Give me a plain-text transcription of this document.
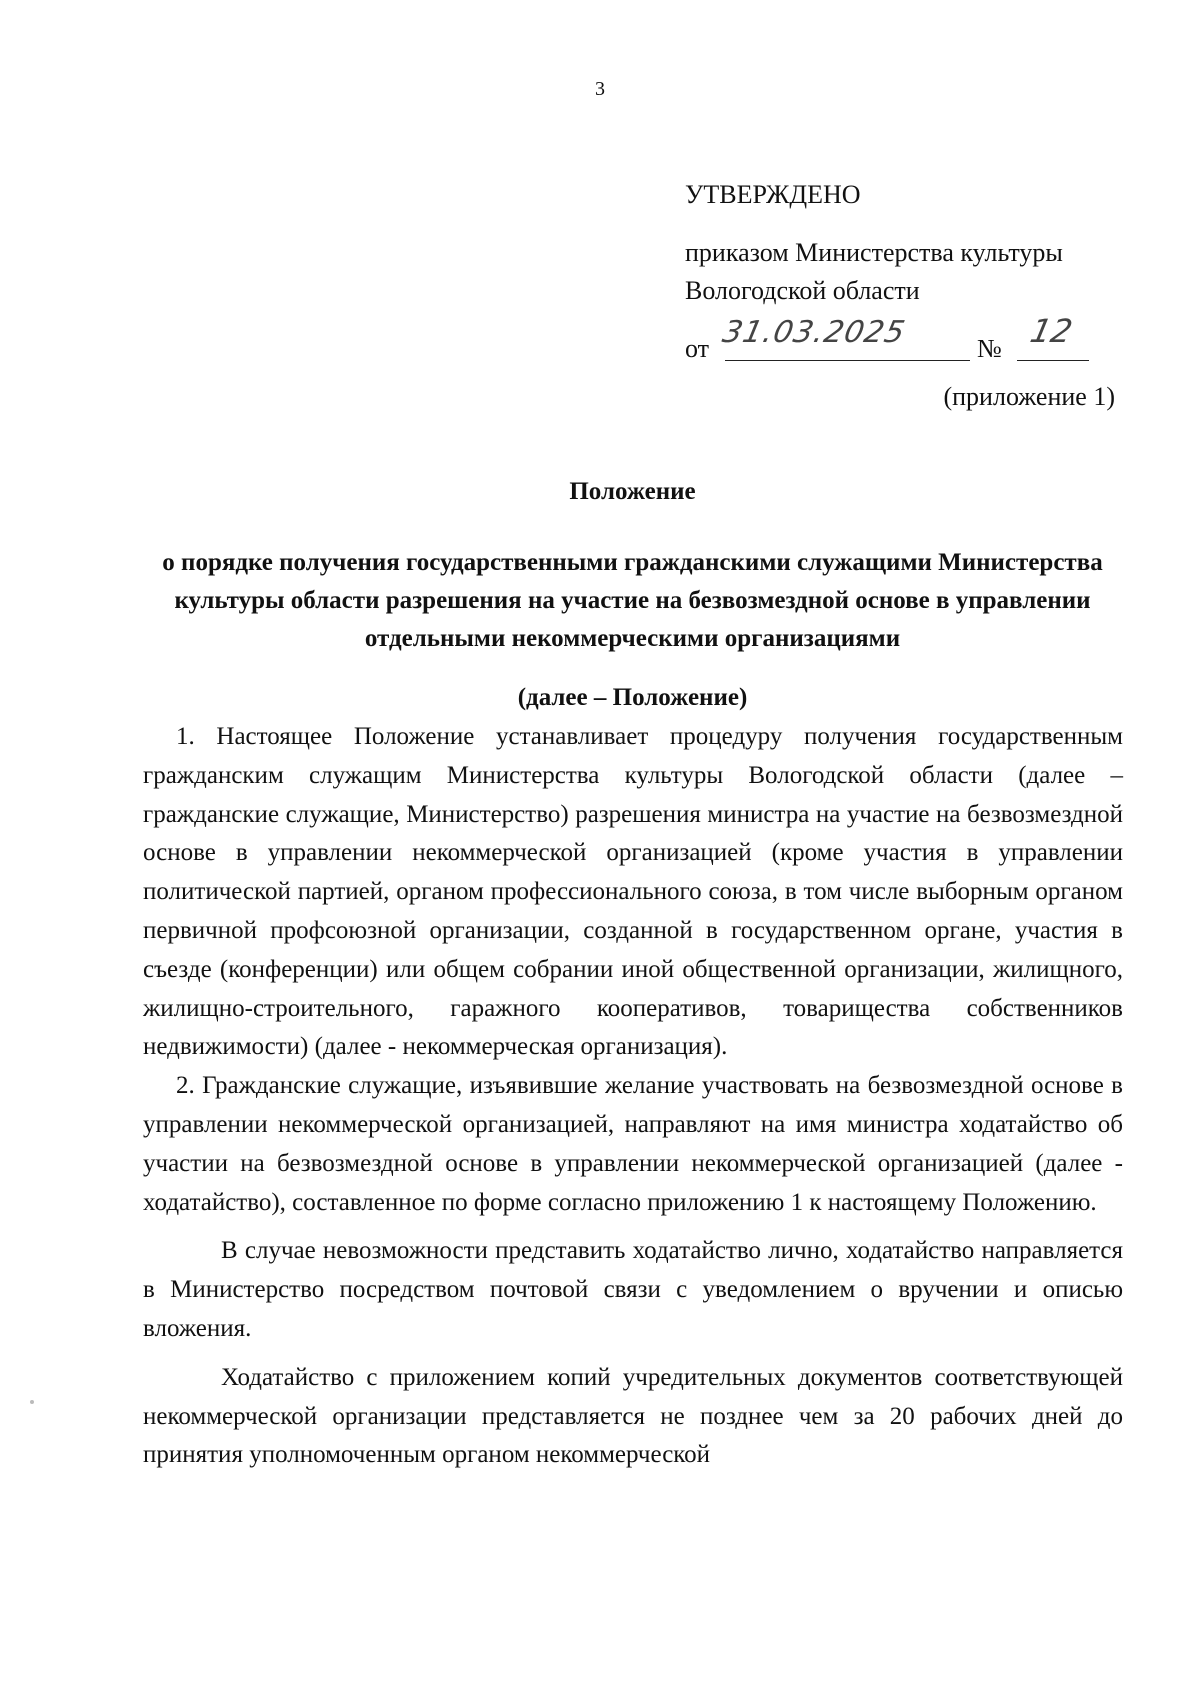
3
УТВЕРЖДЕНО
приказом Министерства культуры
Вологодской области
от 31.03.2025	№ 12
(приложение 1)
Положение
о порядке получения государственными гражданскими служащими Министерства культуры области разрешения на участие на безвозмездной основе в управлении отдельными некоммерческими организациями
(далее – Положение)

1. Настоящее Положение устанавливает процедуру получения государственным гражданским служащим Министерства культуры Вологодской области (далее – гражданские служащие, Министерство) разрешения министра на участие на безвозмездной основе в управлении некоммерческой организацией (кроме участия в управлении политической партией, органом профессионального союза, в том числе выборным органом первичной профсоюзной организации, созданной в государственном органе, участия в съезде (конференции) или общем собрании иной общественной организации, жилищного, жилищно-строительного, гаражного кооперативов, товарищества собственников недвижимости) (далее - некоммерческая организация).

2. Гражданские служащие, изъявившие желание участвовать на безвозмездной основе в управлении некоммерческой организацией, направляют на имя министра ходатайство об участии на безвозмездной основе в управлении некоммерческой организацией (далее - ходатайство), составленное по форме согласно приложению 1 к настоящему Положению.

В случае невозможности представить ходатайство лично, ходатайство направляется в Министерство посредством почтовой связи с уведомлением о вручении и описью вложения.

Ходатайство с приложением копий учредительных документов соответствующей некоммерческой организации представляется не позднее чем за 20 рабочих дней до принятия уполномоченным органом некоммерческой
